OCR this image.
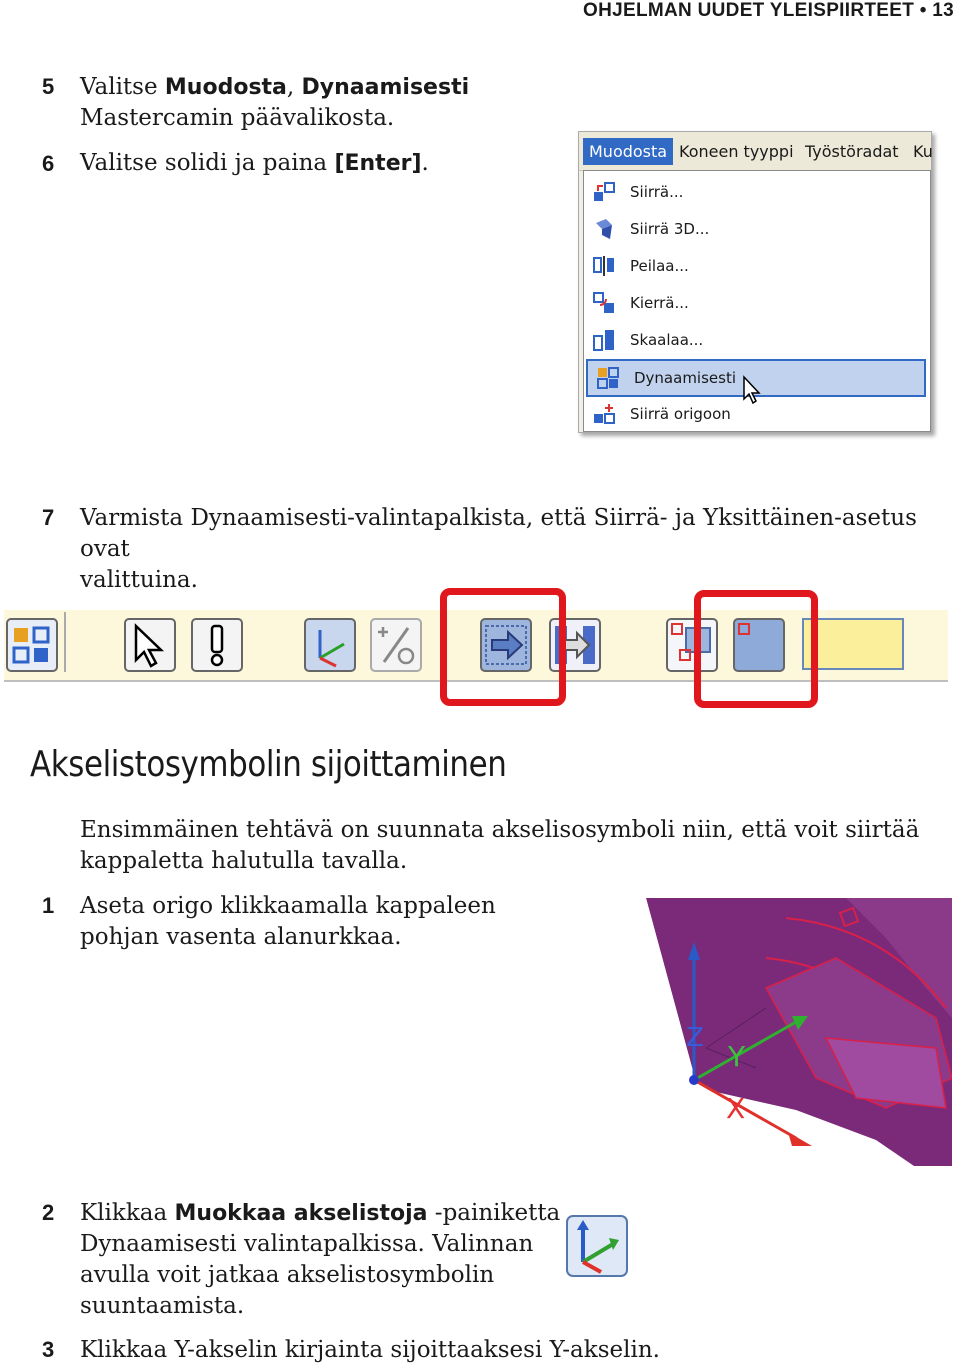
OHJELMAN UUDET YLEISPIIRTEET • 13
5 Valitse Muodosta, Dynaamisesti
Mastercamin päävalikosta.
6 Valitse solidi ja paina [Enter].	Muodosta Koneen tyyppi Työstöradat Ku
Siirrä...
Siirrä 3D...
Peilaa...
Kierrä...
Skaalaa...
Dynaamisesti
Siirrä origoon
7 Varmista Dynaamisesti-valintapalkista, että Siirrä- ja Yksittäinen-asetus ovat
valittuina.
Akselistosymbolin sijoittaminen
Ensimmäinen tehtävä on suunnata akselisosymboli niin, että voit siirtää
kappaletta halutulla tavalla.
1 Aseta origo klikkaamalla kappaleen
pohjan vasenta alanurkkaa.
Z
Y
X
2 Klikkaa Muokkaa akselistoja -painiketta
Dynaamisesti valintapalkissa. Valinnan
avulla voit jatkaa akselistosymbolin
suuntaamista.
3 Klikkaa Y-akselin kirjainta sijoittaaksesi Y-akselin.
